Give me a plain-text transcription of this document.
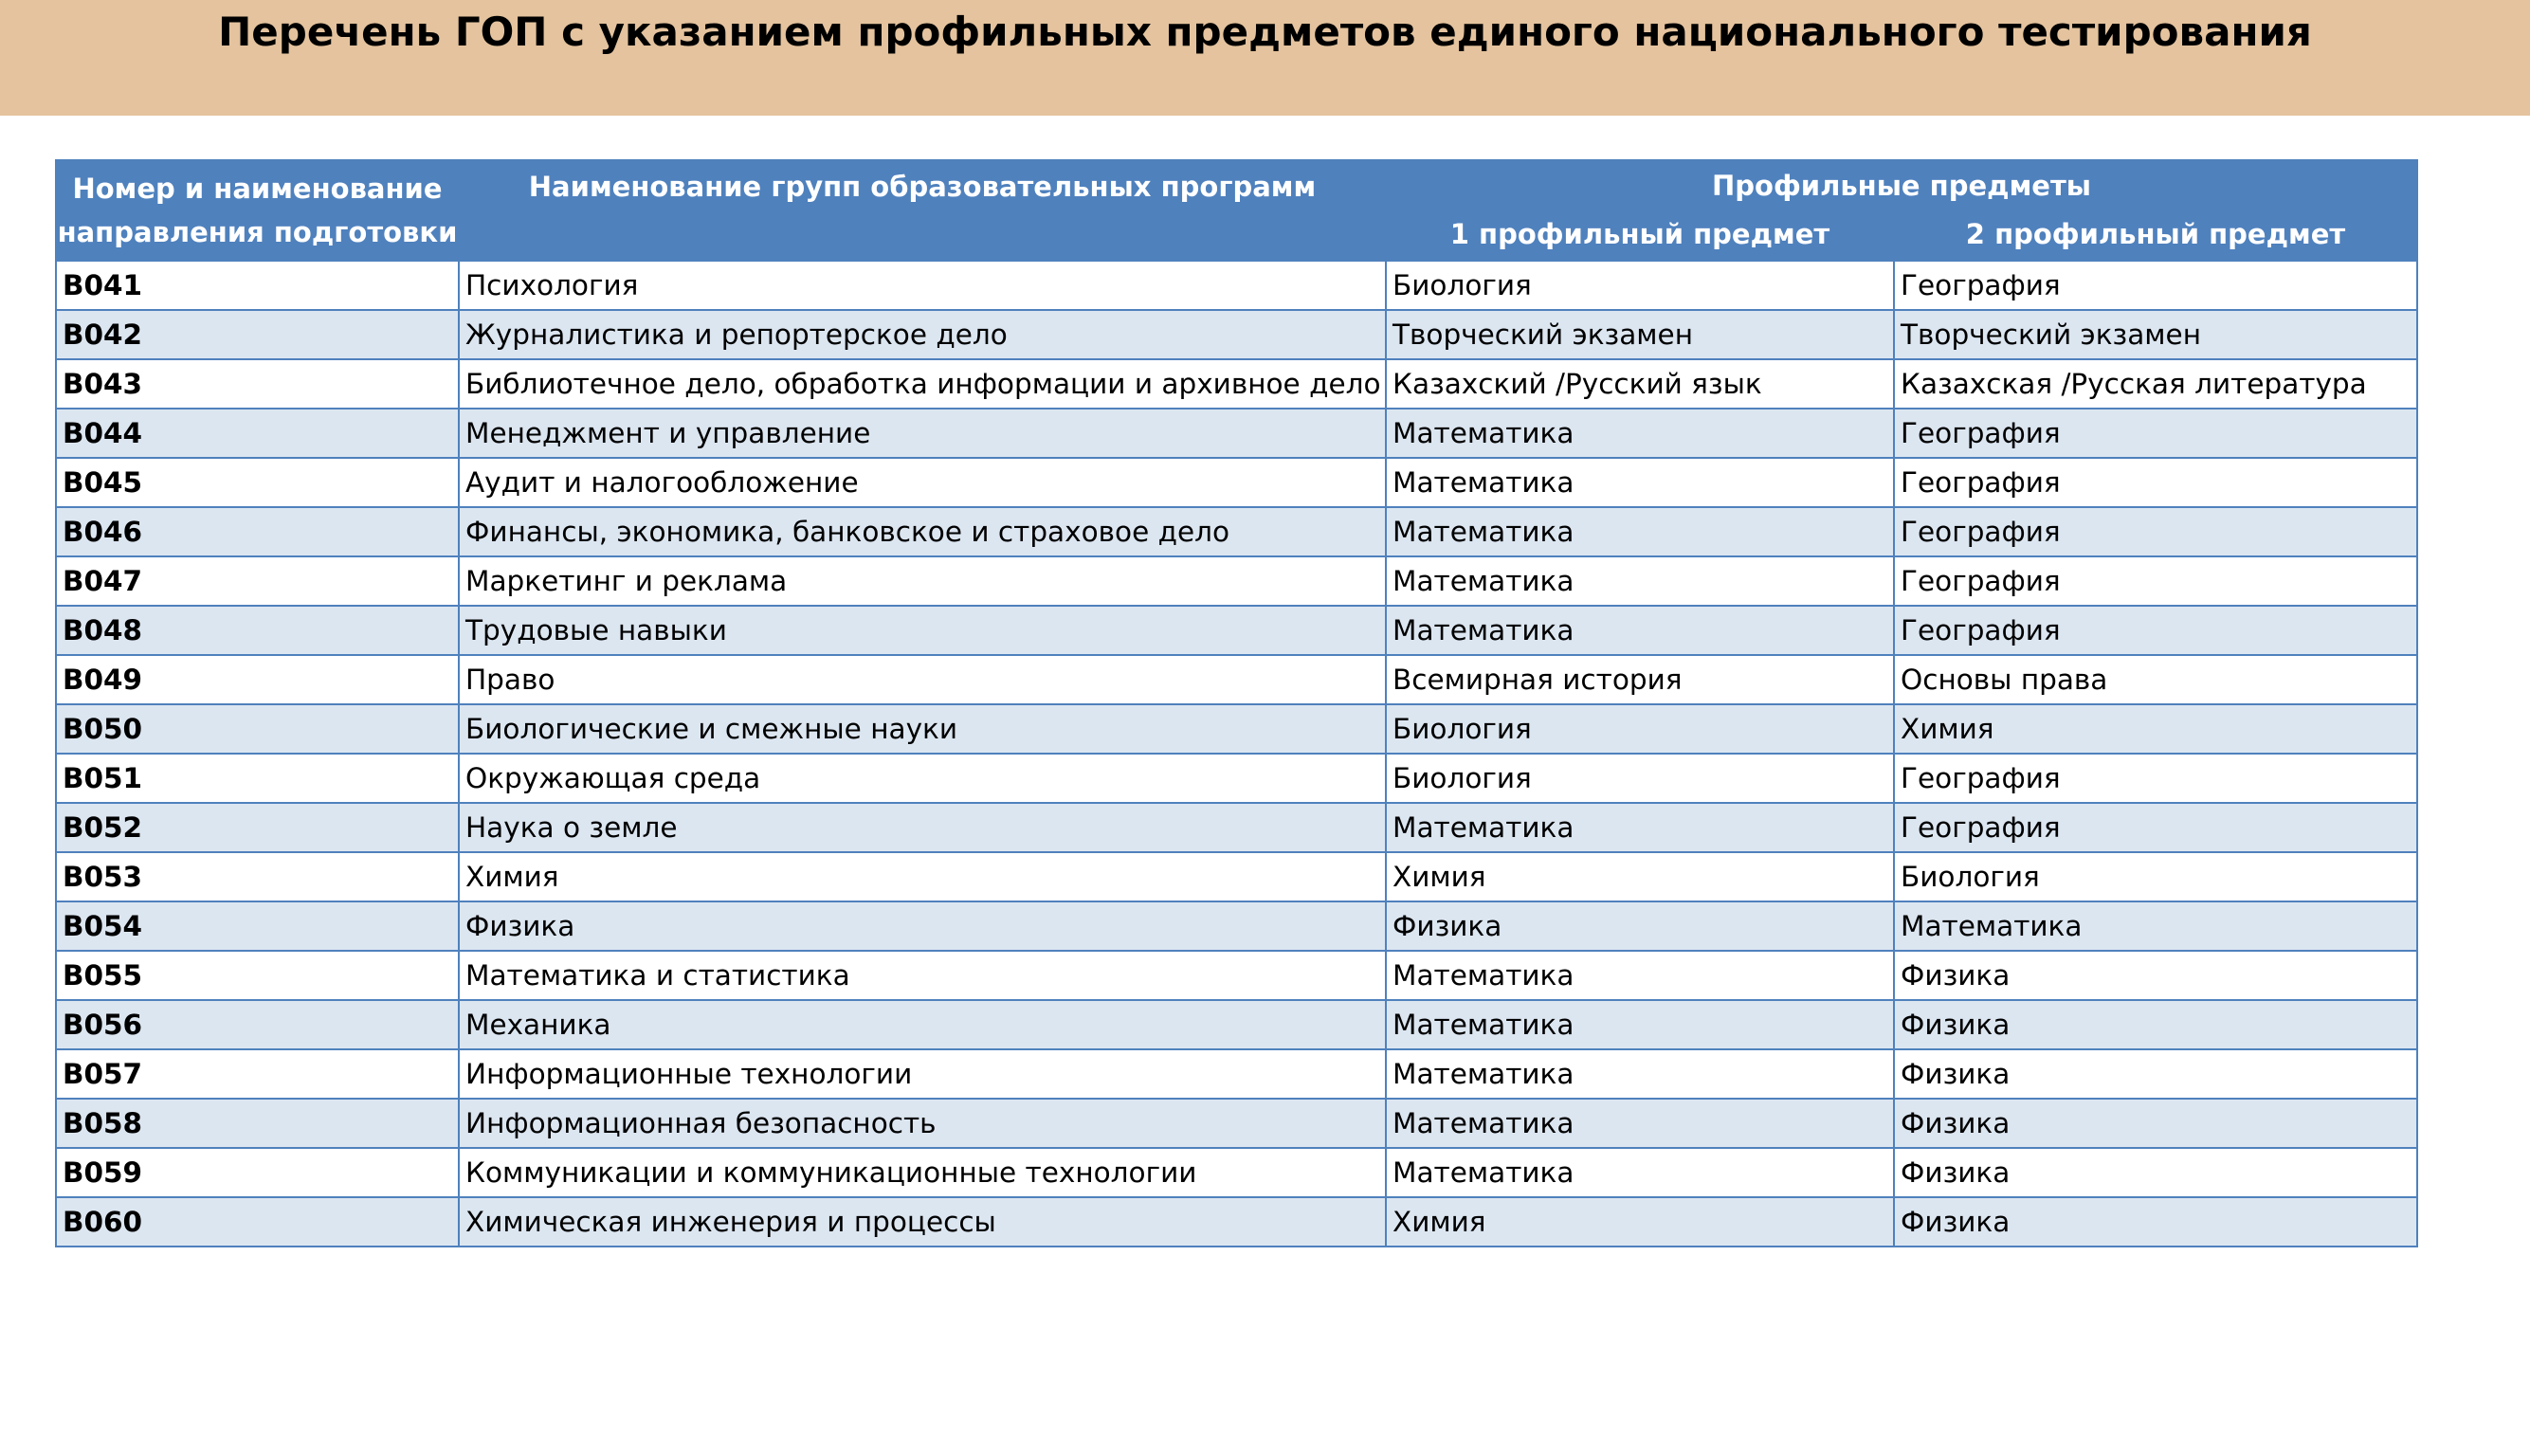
Перечень ГОП с указанием профильных предметов единого национального тестирования
Номер и наименование направления подготовки	Наименование групп образовательных программ	Профильные предметы	
		1 профильный предмет	2 профильный предмет
B041	Психология	Биология	География
B042	Журналистика и репортерское дело	Творческий экзамен	Творческий экзамен
B043	Библиотечное дело, обработка информации и архивное дело	Казахский /Русский язык	Казахская /Русская литература
B044	Менеджмент и управление	Математика	География
B045	Аудит и налогообложение	Математика	География
B046	Финансы, экономика, банковское и страховое дело	Математика	География
B047	Маркетинг и реклама	Математика	География
B048	Трудовые навыки	Математика	География
B049	Право	Всемирная история	Основы права
B050	Биологические и смежные науки	Биология	Химия
B051	Окружающая среда	Биология	География
B052	Наука о земле	Математика	География
B053	Химия	Химия	Биология
B054	Физика	Физика	Математика
B055	Математика и статистика	Математика	Физика
B056	Механика	Математика	Физика
B057	Информационные технологии	Математика	Физика
B058	Информационная безопасность	Математика	Физика
B059	Коммуникации и коммуникационные технологии	Математика	Физика
B060	Химическая инженерия и процессы	Химия	Физика
